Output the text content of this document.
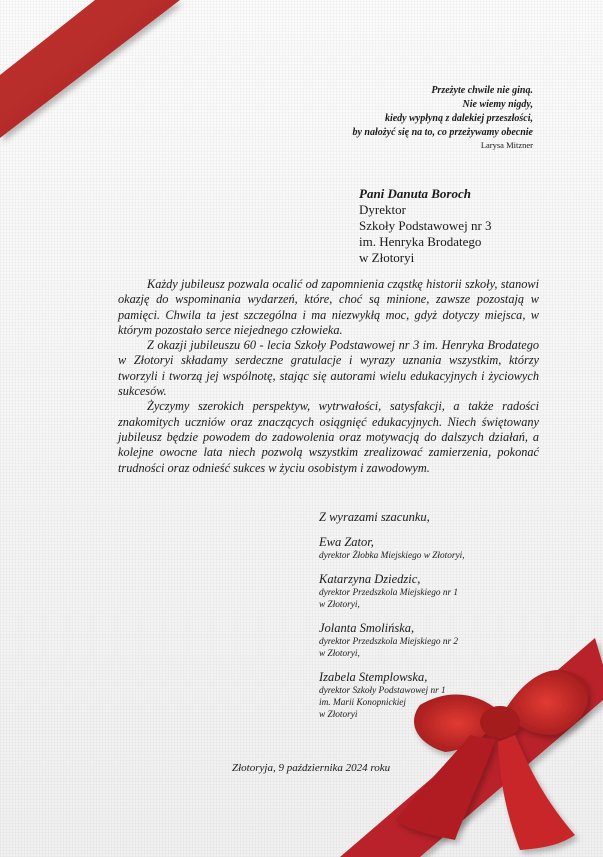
Przeżyte chwile nie giną.
Nie wiemy nigdy,
kiedy wypłyną z dalekiej przeszłości,
by nałożyć się na to, co przeżywamy obecnie
Larysa Mitzner
Pani Danuta Boroch
Dyrektor
Szkoły Podstawowej nr 3
im. Henryka Brodatego
w Złotoryi

Każdy jubileusz pozwala ocalić od zapomnienia cząstkę historii szkoły, stanowi okazję do wspominania wydarzeń, które, choć są minione, zawsze pozostają w pamięci. Chwila ta jest szczególna i ma niezwykłą moc, gdyż dotyczy miejsca, w którym pozostało serce niejednego człowieka.

Z okazji jubileuszu 60 - lecia Szkoły Podstawowej nr 3 im. Henryka Brodatego w Złotoryi składamy serdeczne gratulacje i wyrazy uznania wszystkim, którzy tworzyli i tworzą jej wspólnotę, stając się autorami wielu edukacyjnych i życiowych sukcesów.

Życzymy szerokich perspektyw, wytrwałości, satysfakcji, a także radości znakomitych uczniów oraz znaczących osiągnięć edukacyjnych. Niech świętowany jubileusz będzie powodem do zadowolenia oraz motywacją do dalszych działań, a kolejne owocne lata niech pozwolą wszystkim zrealizować zamierzenia, pokonać trudności oraz odnieść sukces w życiu osobistym i zawodowym.

Z wyrazami szacunku,
Ewa Zator,
dyrektor Żłobka Miejskiego w Złotoryi,
Katarzyna Dziedzic,
dyrektor Przedszkola Miejskiego nr 1
w Złotoryi,
Jolanta Smolińska,
dyrektor Przedszkola Miejskiego nr 2
w Złotoryi,
Izabela Stemplowska,
dyrektor Szkoły Podstawowej nr 1
im. Marii Konopnickiej
w Złotoryi
Złotoryja, 9 października 2024 roku
